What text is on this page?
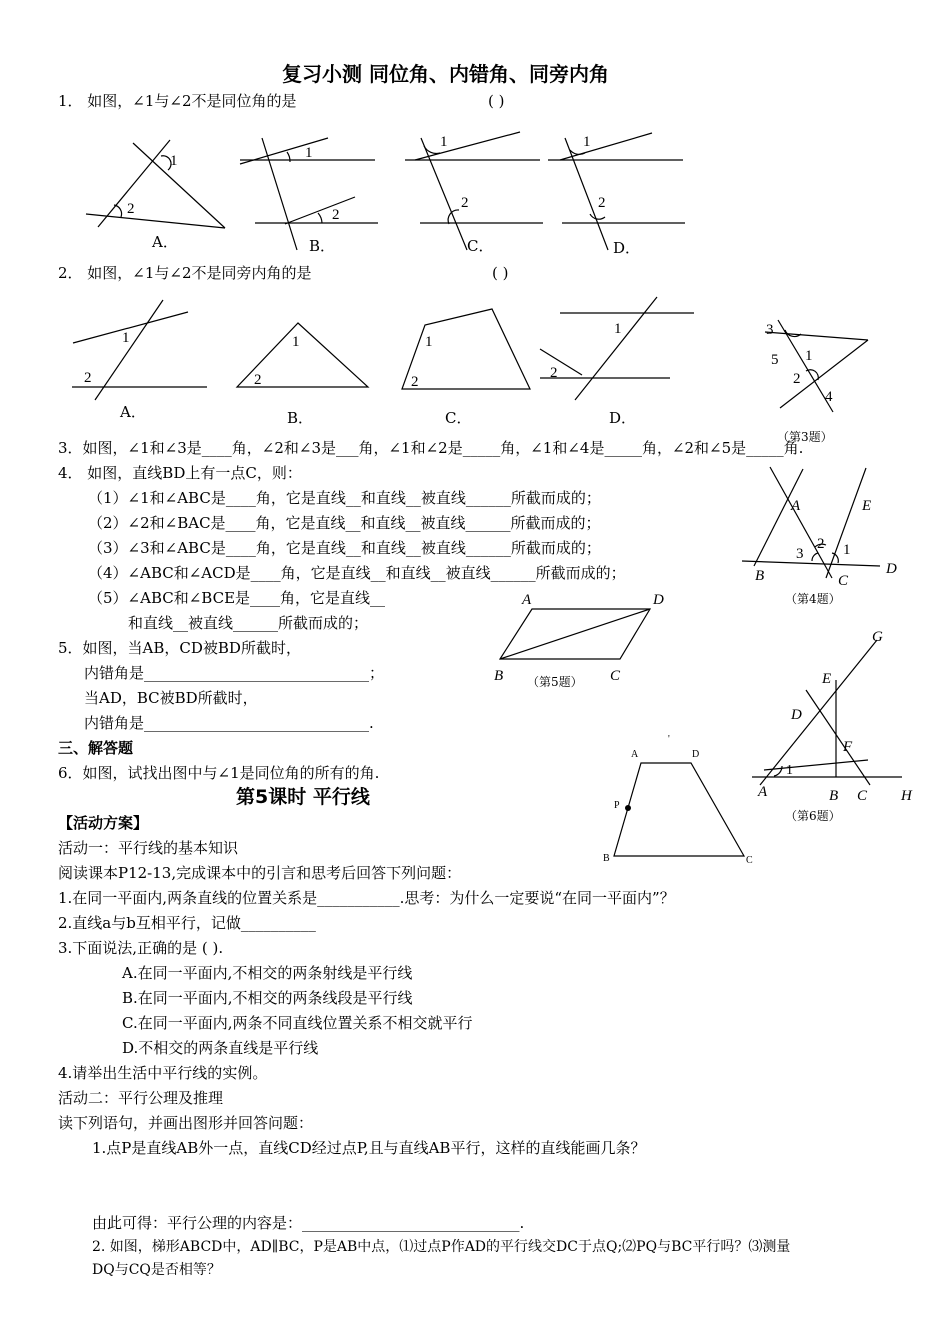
复习小测 同位角、内错角、同旁内角
1． 如图，∠1与∠2不是同位角的是	( )
1
2
1
2
1
2
1
2
1
2
1
2
1
2
1
2
3
1
5
2
4
A	E
B	C
D
2
3	1
A	D
B	C
G
E
D
F
A	B C H
1
A	D
P
B	C
'
A．	B．	C．	D．
2． 如图，∠1与∠2不是同旁内角的是	( )
A．	B．	C．	D．
（第3题）
3．如图，∠1和∠3是____角，∠2和∠3是___角，∠1和∠2是_____角，∠1和∠4是_____角，∠2和∠5是_____角.
4． 如图，直线BD上有一点C，则：
（1）∠1和∠ABC是____角，它是直线__和直线__被直线______所截而成的；
（2）∠2和∠BAC是____角，它是直线__和直线__被直线______所截而成的；
（3）∠3和∠ABC是____角，它是直线__和直线__被直线______所截而成的；
（4）∠ABC和∠ACD是____角，它是直线__和直线__被直线______所截而成的；
（5）∠ABC和∠BCE是____角，它是直线__
和直线__被直线______所截而成的；
（第4题）
5．如图，当AB，CD被BD所截时，
内错角是______________________________；
当AD，BC被BD所截时，
内错角是______________________________.
（第5题）
三、解答题
6．如图，试找出图中与∠1是同位角的所有的角.
（第6题）
第5课时 平行线
【活动方案】
活动一：平行线的基本知识
阅读课本P12-13,完成课本中的引言和思考后回答下列问题：
1.在同一平面内,两条直线的位置关系是___________.思考：为什么一定要说“在同一平面内”？
2.直线a与b互相平行，记做__________
3.下面说法,正确的是 ( ).
A.在同一平面内,不相交的两条射线是平行线
B.在同一平面内,不相交的两条线段是平行线
C.在同一平面内,两条不同直线位置关系不相交就平行
D.不相交的两条直线是平行线
4.请举出生活中平行线的实例。
活动二：平行公理及推理
读下列语句，并画出图形并回答问题：
1.点P是直线AB外一点，直线CD经过点P,且与直线AB平行，这样的直线能画几条？
由此可得：平行公理的内容是：_____________________________.
2. 如图，梯形ABCD中，AD∥BC，P是AB中点，⑴过点P作AD的平行线交DC于点Q;⑵PQ与BC平行吗？⑶测量
DQ与CQ是否相等？
